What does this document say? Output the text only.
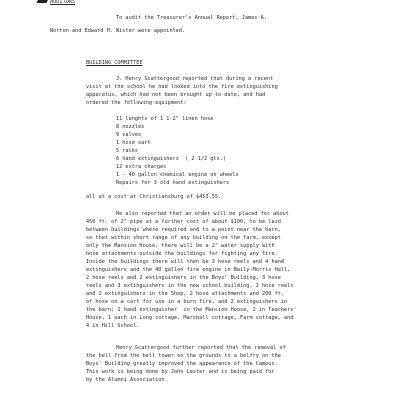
AUDITORS
To audit the Treasurer's Annual Report, James A.
Norton and Edward H. Wister were appointed.
BUILDING COMMITTEE
J. Henry Scattergood reported that during a recent
visit at the school he had looked into the fire extinguishing
apparatus, which had not been brought up to date, and had
ordered the following equipment:
11 lenghts of 1 1-2" linen hose
8 nozzles
9 valves
1 hose cart
5 racks
6 hand extinguishers  ( 2 1/2 qts.)
12 extra charges
1 - 40 gallon chemical engine on wheels
Repairs for 3 old hand extinguishers
all at a cost at Christiansburg of $453.55.
He also reported that an order will be placed for about
450 ft. of 2" pipe at a further cost of about $100, to be laid
between buildings where required and to a point near the barn,
so that within short range of any building on the farm, except
only the Mansion House, there will be a 2" water supply with
hose attachments outside the buildings for fighting any fire.
Inside the buildings there will then be 3 hose reels and 4 hand
extinguishers and the 40 gallon fire engine in Baily-Morris Hall,
2 hose reels and 2 extinguishers in the Boys' Building, 3 hose
reels and 3 extinguishers in the new school building, 2 hose reels
and 2 extinguishers in the Shop, 2 hose attachments and 200 ft.
of hose on a cart for use in a burn fire, and 2 extinguishers in
the barn; 1 hand extinguisher  in the Mansion House, 2 in Teachers'
House, 1 each in Long cottage, Marshall cottage, Farm cottage, and
4 in Hill School.
Henry Scattergood further reported that the removal of
the bell from the bell tower on the grounds to a belfry on the
Boys' Building greatly improved the appearance of the Campus.
This work is being done by John Lester and is being paid for
by the Alumni Association.
